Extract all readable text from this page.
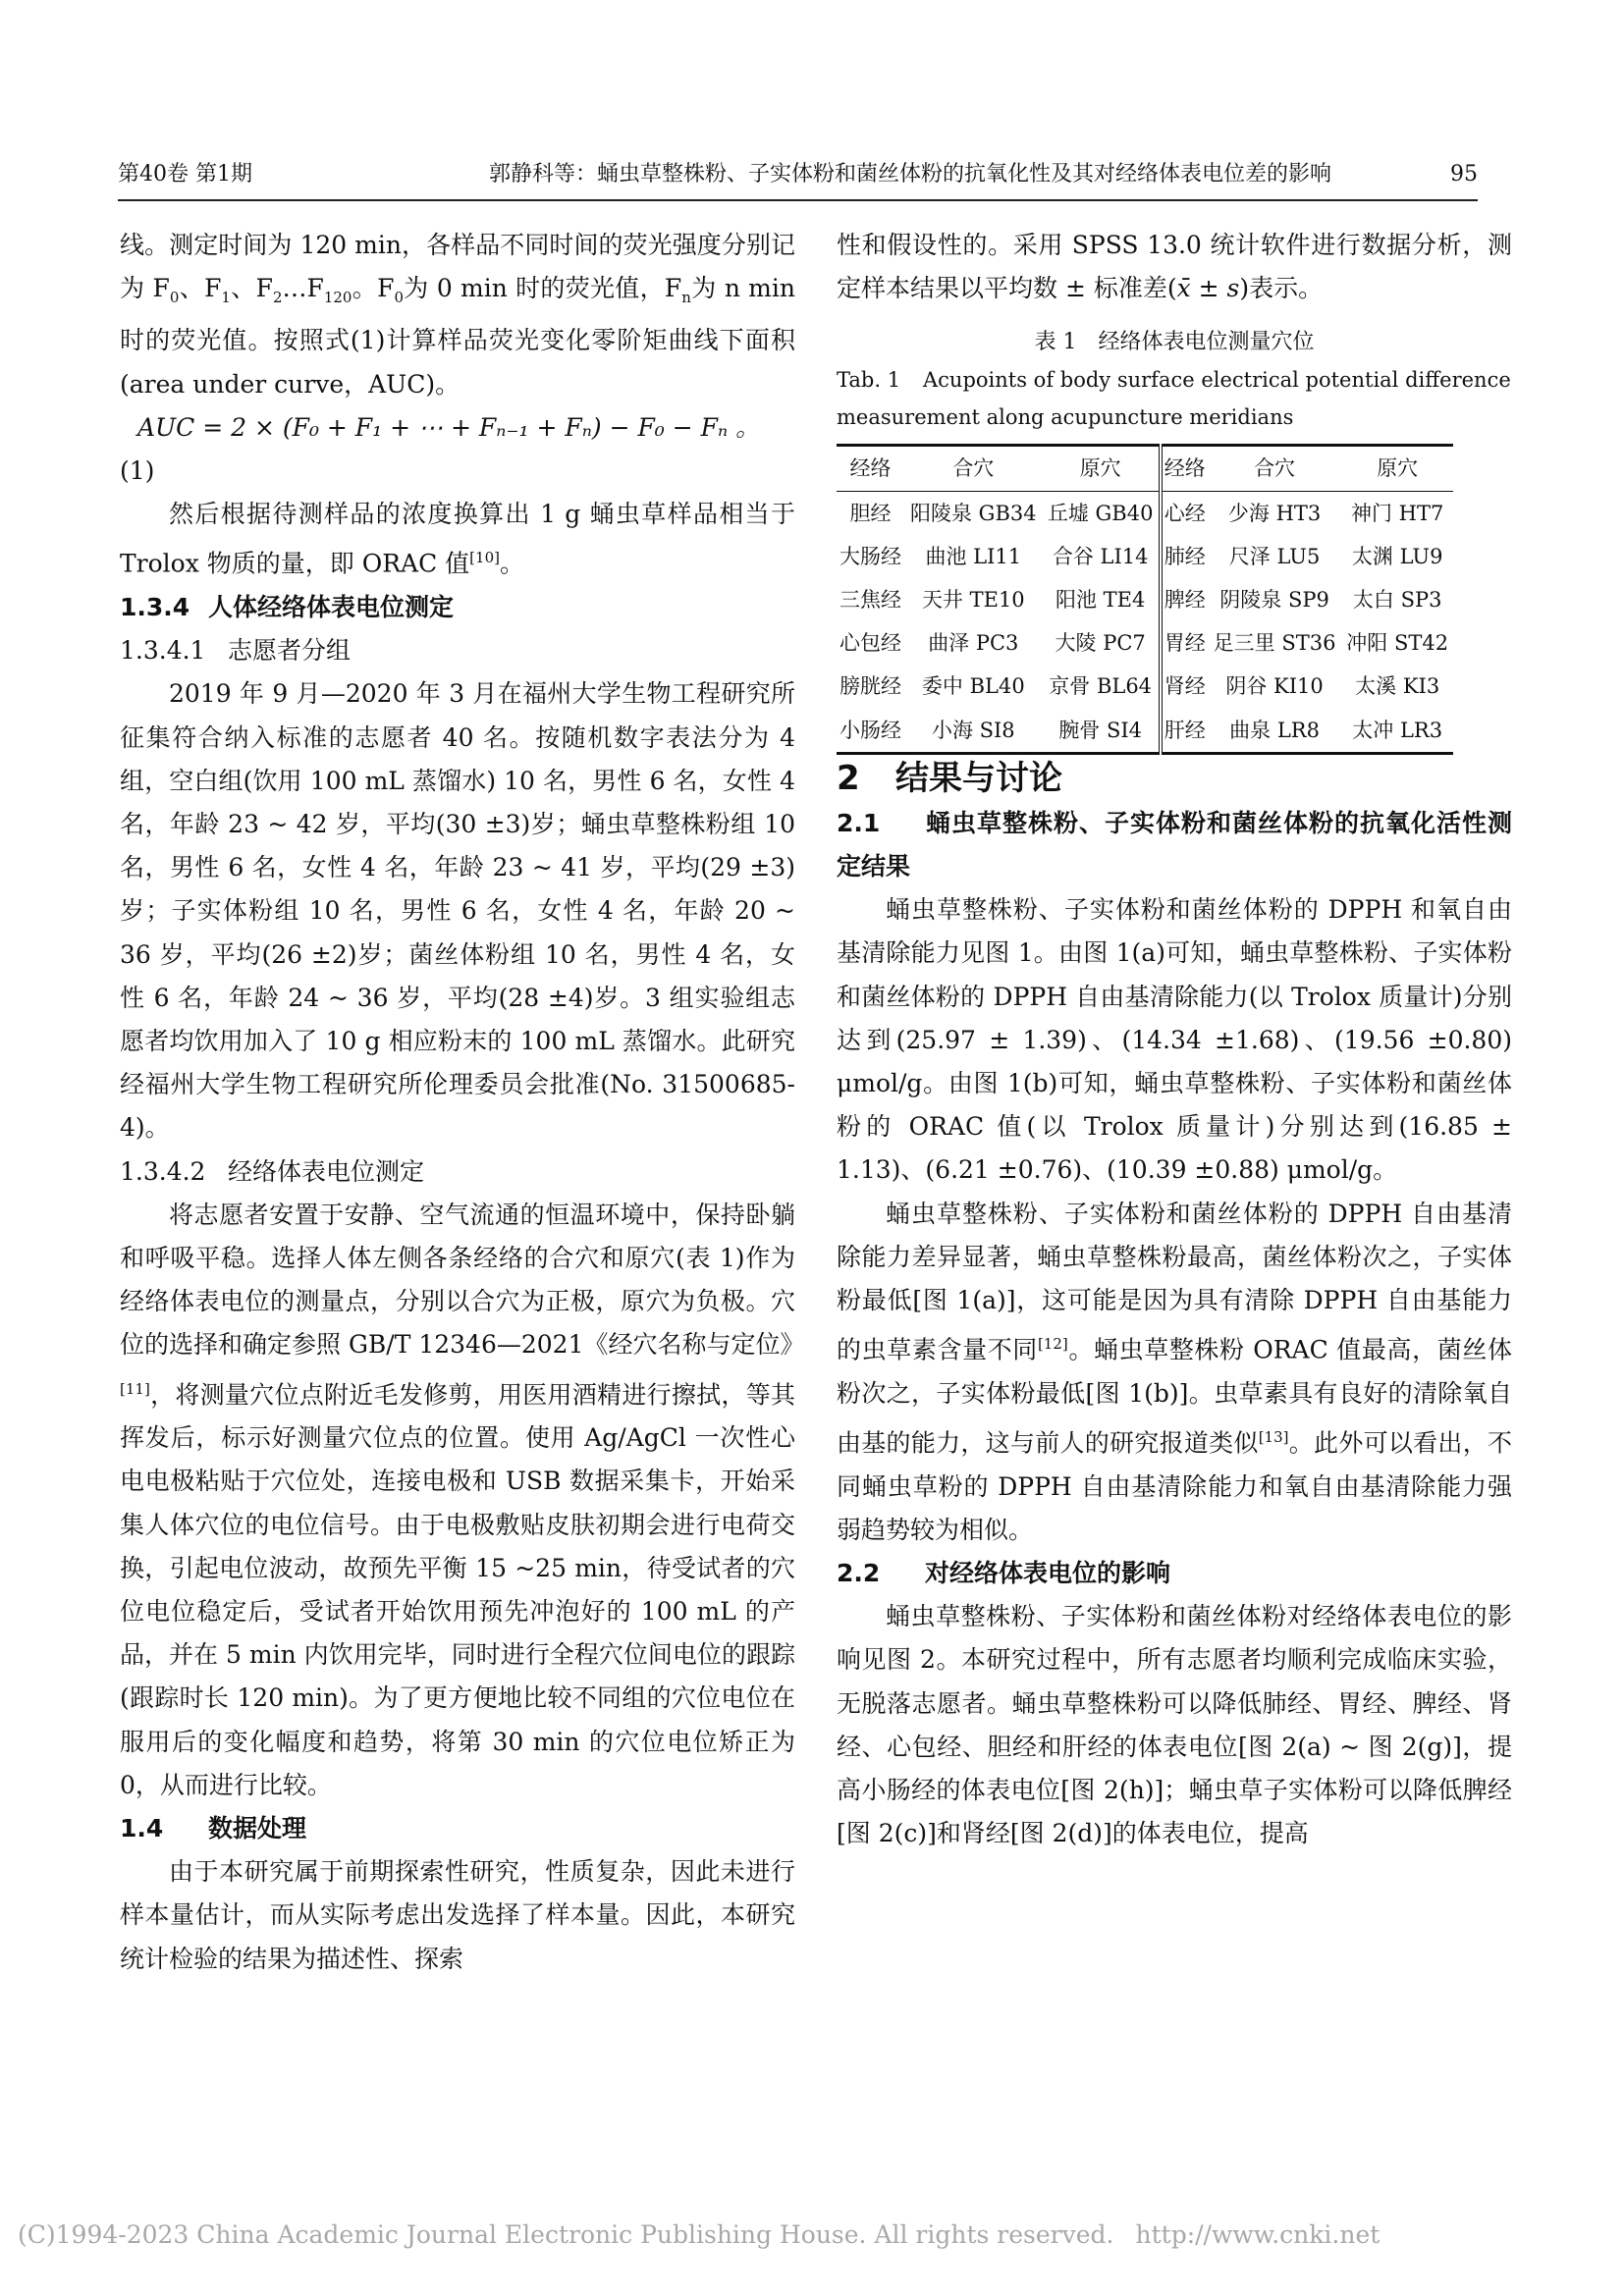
第40卷 第1期	郭静科等：蛹虫草整株粉、子实体粉和菌丝体粉的抗氧化性及其对经络体表电位差的影响	95

线。测定时间为 120 min，各样品不同时间的荧光强度分别记为 $F_0$、$F_1$、$F_2\dots F_{120}$。$F_0$为 0 min 时的荧光值，$F_n$为 n min 时的荧光值。按照式(1)计算样品荧光变化零阶矩曲线下面积(area under curve，AUC)。

AUC = 2 × (F₀ + F₁ + ⋯ + Fₙ₋₁ + Fₙ) − F₀ − Fₙ 。

(1)

然后根据待测样品的浓度换算出 1 g 蛹虫草样品相当于 Trolox 物质的量，即 ORAC 值[10]。

1.3.4 人体经络体表电位测定

1.3.4.1 志愿者分组

2019 年 9 月—2020 年 3 月在福州大学生物工程研究所征集符合纳入标准的志愿者 40 名。按随机数字表法分为 4 组，空白组(饮用 100 mL 蒸馏水) 10 名，男性 6 名，女性 4 名，年龄 23 ~ 42 岁，平均(30 ±3)岁；蛹虫草整株粉组 10 名，男性 6 名，女性 4 名，年龄 23 ~ 41 岁，平均(29 ±3)岁；子实体粉组 10 名，男性 6 名，女性 4 名，年龄 20 ~ 36 岁，平均(26 ±2)岁；菌丝体粉组 10 名，男性 4 名，女性 6 名，年龄 24 ~ 36 岁，平均(28 ±4)岁。3 组实验组志愿者均饮用加入了 10 g 相应粉末的 100 mL 蒸馏水。此研究经福州大学生物工程研究所伦理委员会批准(No. 31500685-4)。

1.3.4.2 经络体表电位测定

将志愿者安置于安静、空气流通的恒温环境中，保持卧躺和呼吸平稳。选择人体左侧各条经络的合穴和原穴(表 1)作为经络体表电位的测量点，分别以合穴为正极，原穴为负极。穴位的选择和确定参照 GB/T 12346—2021《经穴名称与定位》[11]，将测量穴位点附近毛发修剪，用医用酒精进行擦拭，等其挥发后，标示好测量穴位点的位置。使用 Ag/AgCl 一次性心电电极粘贴于穴位处，连接电极和 USB 数据采集卡，开始采集人体穴位的电位信号。由于电极敷贴皮肤初期会进行电荷交换，引起电位波动，故预先平衡 15 ~25 min，待受试者的穴位电位稳定后，受试者开始饮用预先冲泡好的 100 mL 的产品，并在 5 min 内饮用完毕，同时进行全程穴位间电位的跟踪(跟踪时长 120 min)。为了更方便地比较不同组的穴位电位在服用后的变化幅度和趋势，将第 30 min 的穴位电位矫正为 0，从而进行比较。

1.4 数据处理

由于本研究属于前期探索性研究，性质复杂，因此未进行样本量估计，而从实际考虑出发选择了样本量。因此，本研究统计检验的结果为描述性、探索

性和假设性的。采用 SPSS 13.0 统计软件进行数据分析，测定样本结果以平均数 ± 标准差(x̄ ± s)表示。

表 1　经络体表电位测量穴位
Tab. 1 Acupoints of body surface electrical potential difference measurement along acupuncture meridians
经络	合穴	原穴	经络	合穴	原穴
胆经	阳陵泉 GB34	丘墟 GB40	心经	少海 HT3	神门 HT7
大肠经	曲池 LI11	合谷 LI14	肺经	尺泽 LU5	太渊 LU9
三焦经	天井 TE10	阳池 TE4	脾经	阴陵泉 SP9	太白 SP3
心包经	曲泽 PC3	大陵 PC7	胃经	足三里 ST36	冲阳 ST42
膀胱经	委中 BL40	京骨 BL64	肾经	阴谷 KI10	太溪 KI3
小肠经	小海 SI8	腕骨 SI4	肝经	曲泉 LR8	太冲 LR3

2 结果与讨论

2.1 蛹虫草整株粉、子实体粉和菌丝体粉的抗氧化活性测定结果

蛹虫草整株粉、子实体粉和菌丝体粉的 DPPH 和氧自由基清除能力见图 1。由图 1(a)可知，蛹虫草整株粉、子实体粉和菌丝体粉的 DPPH 自由基清除能力(以 Trolox 质量计)分别达到(25.97 ± 1.39)、(14.34 ±1.68)、(19.56 ±0.80) μmol/g。由图 1(b)可知，蛹虫草整株粉、子实体粉和菌丝体粉的 ORAC 值(以 Trolox 质量计)分别达到(16.85 ± 1.13)、(6.21 ±0.76)、(10.39 ±0.88) μmol/g。

蛹虫草整株粉、子实体粉和菌丝体粉的 DPPH 自由基清除能力差异显著，蛹虫草整株粉最高，菌丝体粉次之，子实体粉最低[图 1(a)]，这可能是因为具有清除 DPPH 自由基能力的虫草素含量不同[12]。蛹虫草整株粉 ORAC 值最高，菌丝体粉次之，子实体粉最低[图 1(b)]。虫草素具有良好的清除氧自由基的能力，这与前人的研究报道类似[13]。此外可以看出，不同蛹虫草粉的 DPPH 自由基清除能力和氧自由基清除能力强弱趋势较为相似。

2.2 对经络体表电位的影响

蛹虫草整株粉、子实体粉和菌丝体粉对经络体表电位的影响见图 2。本研究过程中，所有志愿者均顺利完成临床实验，无脱落志愿者。蛹虫草整株粉可以降低肺经、胃经、脾经、肾经、心包经、胆经和肝经的体表电位[图 2(a) ~ 图 2(g)]，提高小肠经的体表电位[图 2(h)]；蛹虫草子实体粉可以降低脾经[图 2(c)]和肾经[图 2(d)]的体表电位，提高

(C)1994-2023 China Academic Journal Electronic Publishing House. All rights reserved. http://www.cnki.net
